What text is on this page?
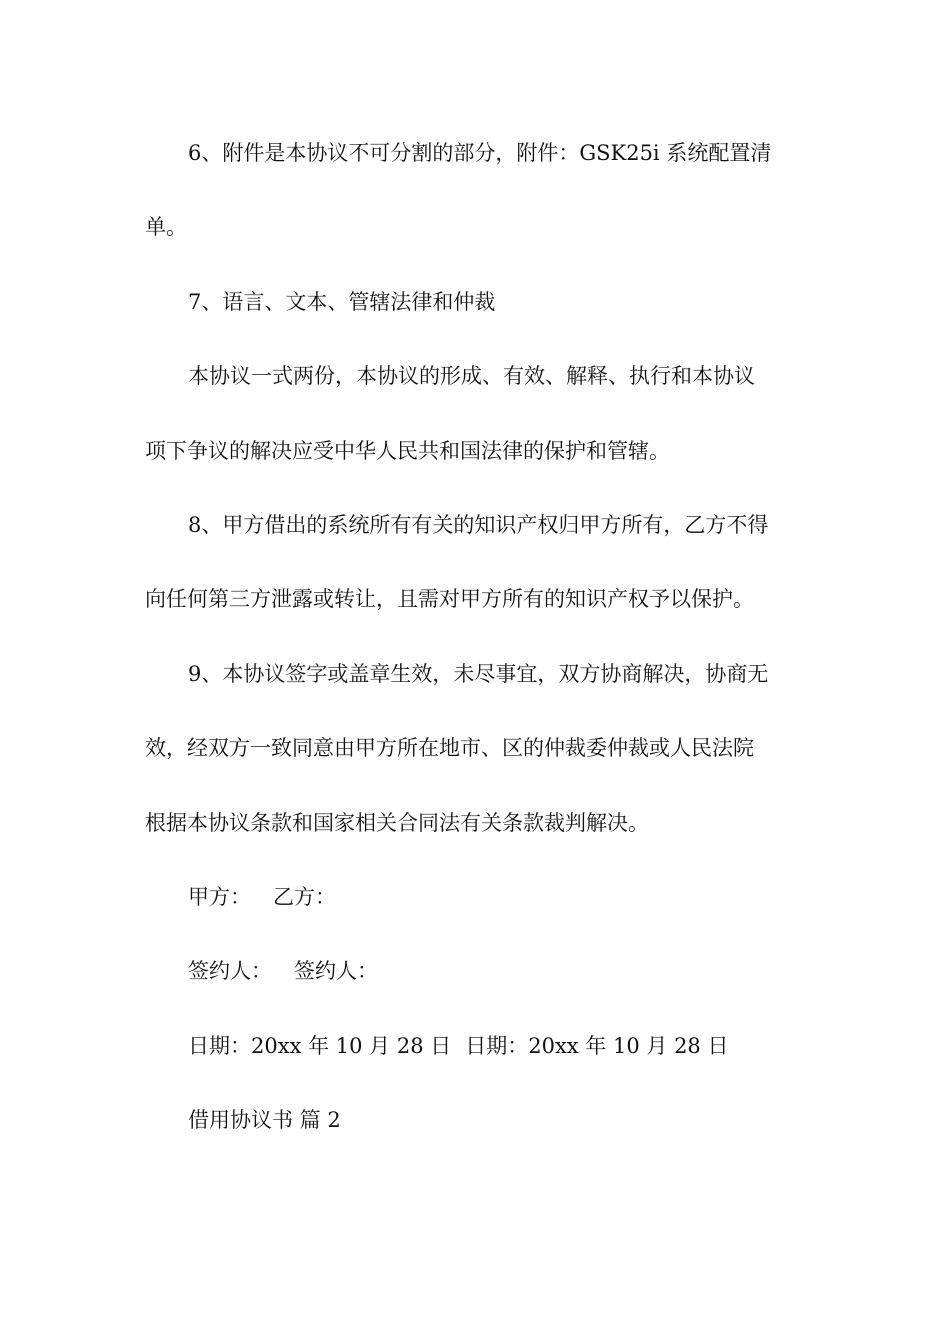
6、附件是本协议不可分割的部分，附件：GSK25i 系统配置清
单。
7、语言、文本、管辖法律和仲裁
本协议一式两份，本协议的形成、有效、解释、执行和本协议
项下争议的解决应受中华人民共和国法律的保护和管辖。
8、甲方借出的系统所有有关的知识产权归甲方所有，乙方不得
向任何第三方泄露或转让，且需对甲方所有的知识产权予以保护。
9、本协议签字或盖章生效，未尽事宜，双方协商解决，协商无
效，经双方一致同意由甲方所在地市、区的仲裁委仲裁或人民法院
根据本协议条款和国家相关合同法有关条款裁判解决。
甲方： 乙方：
签约人： 签约人：
日期：20xx 年 10 月 28 日 日期：20xx 年 10 月 28 日
借用协议书 篇 2
